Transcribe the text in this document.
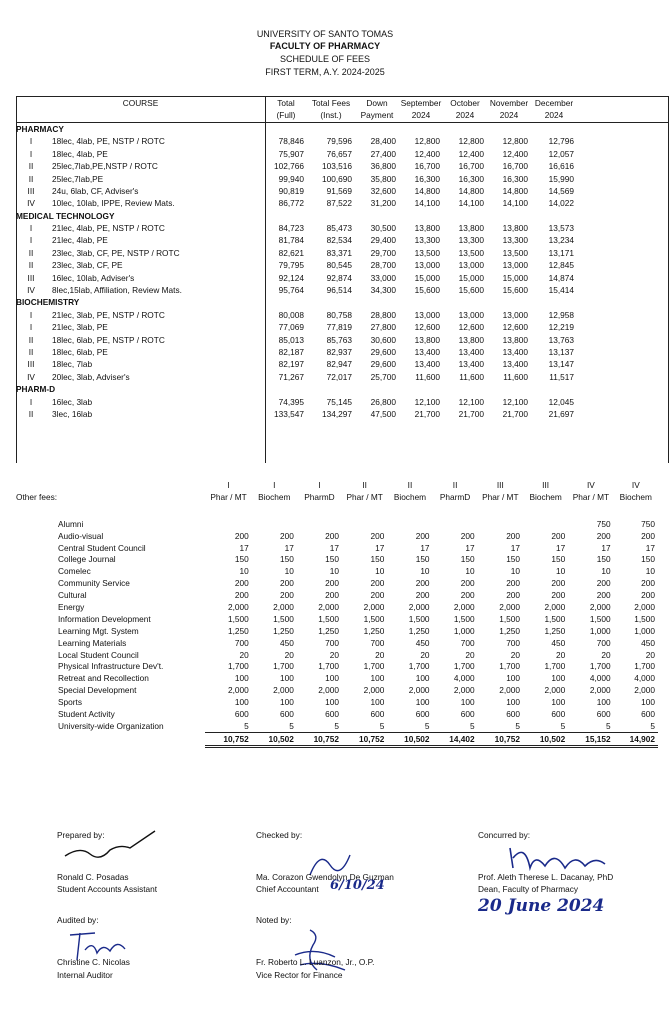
UNIVERSITY OF SANTO TOMAS
FACULTY OF PHARMACY
SCHEDULE OF FEES
FIRST TERM, A.Y. 2024-2025
COURSE		Total	Total Fees	Down	September	October	November	December	
		(Full)	(Inst.)	Payment	2024	2024	2024	2024	
PHARMACY									
I	18lec, 4lab, PE, NSTP / ROTC	78,846	79,596	28,400	12,800	12,800	12,800	12,796	
I	18lec, 4lab, PE	75,907	76,657	27,400	12,400	12,400	12,400	12,057	
II	25lec,7lab,PE,NSTP / ROTC	102,766	103,516	36,800	16,700	16,700	16,700	16,616	
II	25lec,7lab,PE	99,940	100,690	35,800	16,300	16,300	16,300	15,990	
III	24u, 6lab, CF, Adviser's	90,819	91,569	32,600	14,800	14,800	14,800	14,569	
IV	10lec, 10lab, IPPE, Review Mats.	86,772	87,522	31,200	14,100	14,100	14,100	14,022	
MEDICAL TECHNOLOGY									
I	21lec, 4lab, PE, NSTP / ROTC	84,723	85,473	30,500	13,800	13,800	13,800	13,573	
I	21lec, 4lab, PE	81,784	82,534	29,400	13,300	13,300	13,300	13,234	
II	23lec, 3lab, CF, PE, NSTP / ROTC	82,621	83,371	29,700	13,500	13,500	13,500	13,171	
II	23lec, 3lab, CF, PE	79,795	80,545	28,700	13,000	13,000	13,000	12,845	
III	16lec, 10lab, Adviser's	92,124	92,874	33,000	15,000	15,000	15,000	14,874	
IV	8lec,15lab, Affiliation, Review Mats.	95,764	96,514	34,300	15,600	15,600	15,600	15,414	
BIOCHEMISTRY									
I	21lec, 3lab, PE, NSTP / ROTC	80,008	80,758	28,800	13,000	13,000	13,000	12,958	
I	21lec, 3lab, PE	77,069	77,819	27,800	12,600	12,600	12,600	12,219	
II	18lec, 6lab, PE, NSTP / ROTC	85,013	85,763	30,600	13,800	13,800	13,800	13,763	
II	18lec, 6lab, PE	82,187	82,937	29,600	13,400	13,400	13,400	13,137	
III	18lec, 7lab	82,197	82,947	29,600	13,400	13,400	13,400	13,147	
IV	20lec, 3lab, Adviser's	71,267	72,017	25,700	11,600	11,600	11,600	11,517	
PHARM-D									
I	16lec, 3lab	74,395	75,145	26,800	12,100	12,100	12,100	12,045	
II	3lec, 16lab	133,547	134,297	47,500	21,700	21,700	21,700	21,697	
	I	I	I	II	II	II	III	III	IV	IV
Other fees:	Phar / MT	Biochem	PharmD	Phar / MT	Biochem	PharmD	Phar / MT	Biochem	Phar / MT	Biochem

Alumni									750	750
Audio-visual	200	200	200	200	200	200	200	200	200	200
Central Student Council	17	17	17	17	17	17	17	17	17	17
College Journal	150	150	150	150	150	150	150	150	150	150
Comelec	10	10	10	10	10	10	10	10	10	10
Community Service	200	200	200	200	200	200	200	200	200	200
Cultural	200	200	200	200	200	200	200	200	200	200
Energy	2,000	2,000	2,000	2,000	2,000	2,000	2,000	2,000	2,000	2,000
Information Development	1,500	1,500	1,500	1,500	1,500	1,500	1,500	1,500	1,500	1,500
Learning Mgt. System	1,250	1,250	1,250	1,250	1,250	1,000	1,250	1,250	1,000	1,000
Learning Materials	700	450	700	700	450	700	700	450	700	450
Local Student Council	20	20	20	20	20	20	20	20	20	20
Physical Infrastructure Dev't.	1,700	1,700	1,700	1,700	1,700	1,700	1,700	1,700	1,700	1,700
Retreat and Recollection	100	100	100	100	100	4,000	100	100	4,000	4,000
Special Development	2,000	2,000	2,000	2,000	2,000	2,000	2,000	2,000	2,000	2,000
Sports	100	100	100	100	100	100	100	100	100	100
Student Activity	600	600	600	600	600	600	600	600	600	600
University-wide Organization	5	5	5	5	5	5	5	5	5	5
	10,752	10,502	10,752	10,752	10,502	14,402	10,752	10,502	15,152	14,902
Prepared by:
Ronald C. Posadas
Student Accounts Assistant
Checked by:
Ma. Corazon Gwendolyn De Guzman
Chief Accountant 6/10/24
Concurred by:
Prof. Aleth Therese L. Dacanay, PhD
Dean, Faculty of Pharmacy
20 June 2024
Audited by:
Christine C. Nicolas
Internal Auditor
Noted by:
Fr. Roberto L. Luanzon, Jr., O.P.
Vice Rector for Finance
